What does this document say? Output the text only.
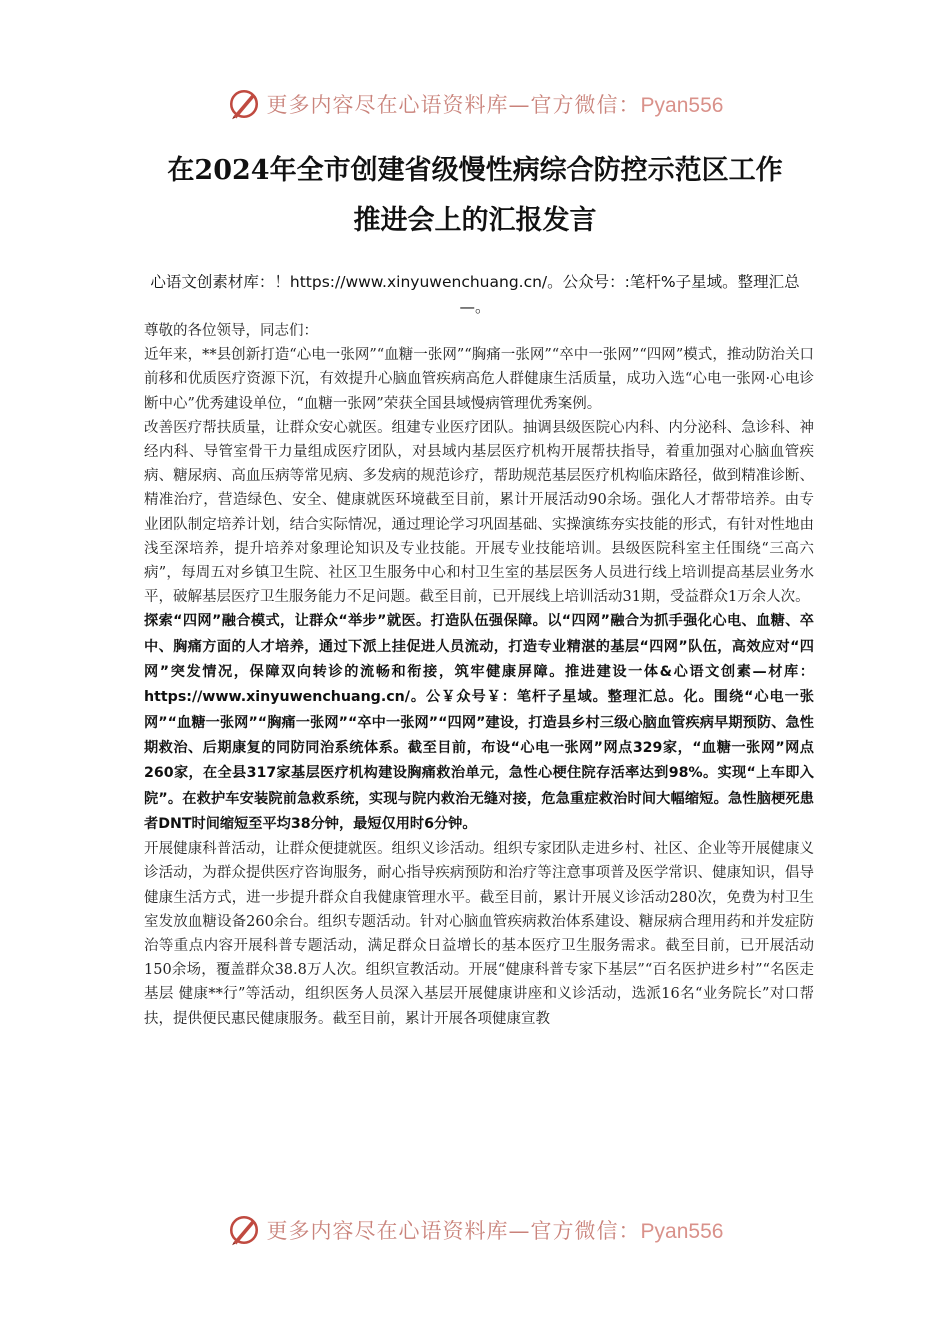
更多内容尽在心语资料库—官方微信：Pyan556
在2024年全市创建省级慢性病综合防控示范区工作
推进会上的汇报发言
心语文创素材库：！https://www.xinyuwenchuang.cn/。公众号：:笔杆%子星域。整理汇总—。

尊敬的各位领导，同志们：

近年来，**县创新打造“心电一张网”“血糖一张网”“胸痛一张网”“卒中一张网”“四网”模式，推动防治关口前移和优质医疗资源下沉，有效提升心脑血管疾病高危人群健康生活质量，成功入选“心电一张网·心电诊断中心”优秀建设单位，“血糖一张网”荣获全国县域慢病管理优秀案例。

改善医疗帮扶质量，让群众安心就医。组建专业医疗团队。抽调县级医院心内科、内分泌科、急诊科、神经内科、导管室骨干力量组成医疗团队，对县域内基层医疗机构开展帮扶指导，着重加强对心脑血管疾病、糖尿病、高血压病等常见病、多发病的规范诊疗，帮助规范基层医疗机构临床路径，做到精准诊断、精准治疗，营造绿色、安全、健康就医环境截至目前，累计开展活动90余场。强化人才帮带培养。由专业团队制定培养计划，结合实际情况，通过理论学习巩固基础、实操演练夯实技能的形式，有针对性地由浅至深培养，提升培养对象理论知识及专业技能。开展专业技能培训。县级医院科室主任围绕“三高六病”，每周五对乡镇卫生院、社区卫生服务中心和村卫生室的基层医务人员进行线上培训提高基层业务水平，破解基层医疗卫生服务能力不足问题。截至目前，已开展线上培训活动31期，受益群众1万余人次。

探索“四网”融合模式，让群众“举步”就医。打造队伍强保障。以“四网”融合为抓手强化心电、血糖、卒中、胸痛方面的人才培养，通过下派上挂促进人员流动，打造专业精湛的基层“四网”队伍，高效应对“四网”突发情况，保障双向转诊的流畅和衔接，筑牢健康屏障。推进建设一体&心语文创素—材库：https://www.xinyuwenchuang.cn/。公￥众号￥：笔杆子星域。整理汇总。化。围绕“心电一张网”“血糖一张网”“胸痛一张网”“卒中一张网”“四网”建设，打造县乡村三级心脑血管疾病早期预防、急性期救治、后期康复的同防同治系统体系。截至目前，布设“心电一张网”网点329家，“血糖一张网”网点260家，在全县317家基层医疗机构建设胸痛救治单元，急性心梗住院存活率达到98%。实现“上车即入院”。在救护车安装院前急救系统，实现与院内救治无缝对接，危急重症救治时间大幅缩短。急性脑梗死患者DNT时间缩短至平均38分钟，最短仅用时6分钟。

开展健康科普活动，让群众便捷就医。组织义诊活动。组织专家团队走进乡村、社区、企业等开展健康义诊活动，为群众提供医疗咨询服务，耐心指导疾病预防和治疗等注意事项普及医学常识、健康知识，倡导健康生活方式，进一步提升群众自我健康管理水平。截至目前，累计开展义诊活动280次，免费为村卫生室发放血糖设备260余台。组织专题活动。针对心脑血管疾病救治体系建设、糖尿病合理用药和并发症防治等重点内容开展科普专题活动，满足群众日益增长的基本医疗卫生服务需求。截至目前，已开展活动150余场，覆盖群众38.8万人次。组织宣教活动。开展“健康科普专家下基层”“百名医护进乡村”“名医走基层 健康**行”等活动，组织医务人员深入基层开展健康讲座和义诊活动，选派16名“业务院长”对口帮扶，提供便民惠民健康服务。截至目前，累计开展各项健康宣教

更多内容尽在心语资料库—官方微信：Pyan556
